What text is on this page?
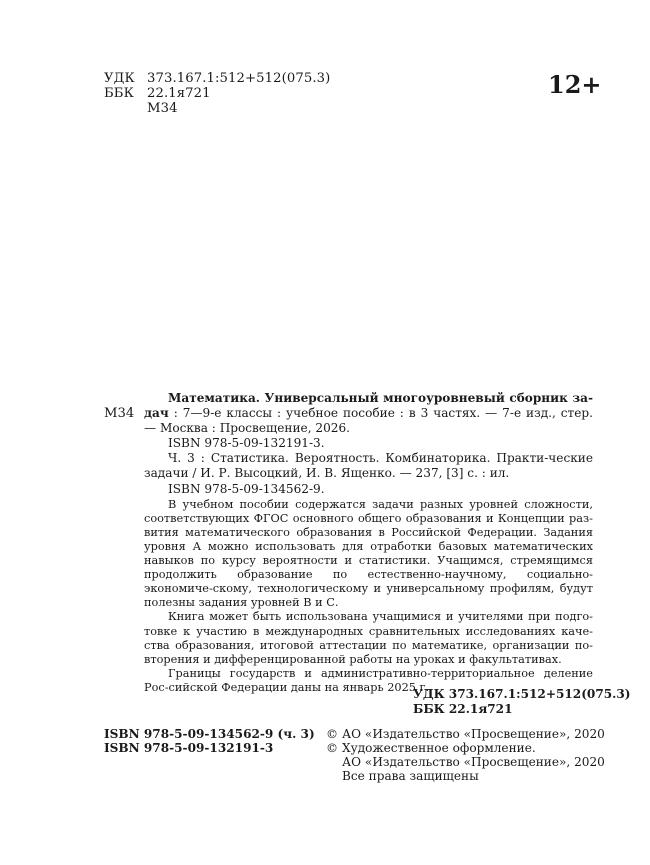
УДК 373.167.1:512+512(075.3)
ББК 22.1я721
М34
12+
М34

Математика. Универсальный многоуровневый сборник за-дач : 7—9-е классы : учебное пособие : в 3 частях. — 7-е изд., стер. — Москва : Просвещение, 2026.

ISBN 978-5-09-132191-3.

Ч. 3 : Статистика. Вероятность. Комбинаторика. Практи-ческие задачи / И. Р. Высоцкий, И. В. Ященко. — 237, [3] с. : ил.

ISBN 978-5-09-134562-9.

В учебном пособии содержатся задачи разных уровней сложности, соответствующих ФГОС основного общего образования и Концепции раз-вития математического образования в Российской Федерации. Задания уровня А можно использовать для отработки базовых математических навыков по курсу вероятности и статистики. Учащимся, стремящимся продолжить образование по естественно-научному, социально-экономиче-скому, технологическому и универсальному профилям, будут полезны задания уровней В и С.

Книга может быть использована учащимися и учителями при подго-товке к участию в международных сравнительных исследованиях каче-ства образования, итоговой аттестации по математике, организации по-вторения и дифференцированной работы на уроках и факультативах.

Границы государств и административно-территориальное деление Рос-сийской Федерации даны на январь 2025 г.

УДК 373.167.1:512+512(075.3)
ББК 22.1я721
ISBN 978-5-09-134562-9 (ч. 3)
ISBN 978-5-09-132191-3
© АО «Издательство «Просвещение», 2020
© Художественное оформление.
АО «Издательство «Просвещение», 2020
Все права защищены
